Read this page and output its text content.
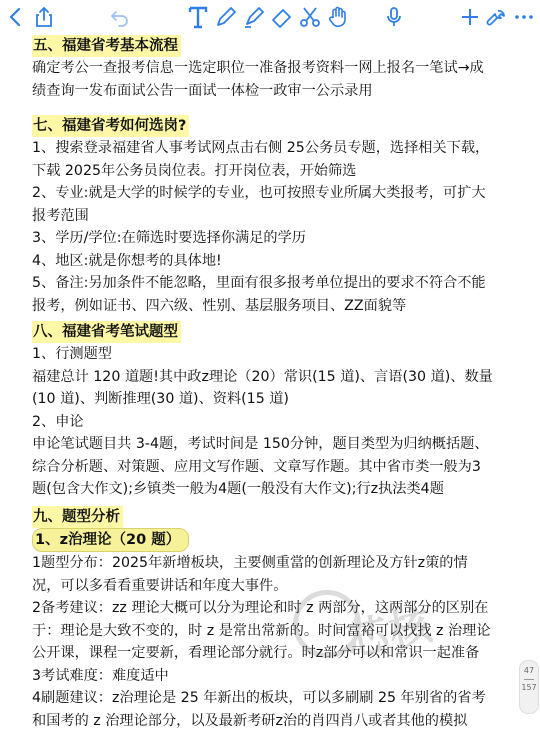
五、福建省考基本流程
确定考公一查报考信息一选定职位一准备报考资料一网上报名一笔试→成
绩查询一发布面试公告一面试一体检一政审一公示录用
七、福建省考如何选岗?
1、搜索登录福建省人事考试网点击右侧 25公务员专题，选择相关下载，
下载 2025年公务员岗位表。打开岗位表，开始筛选
2、专业:就是大学的时候学的专业，也可按照专业所属大类报考，可扩大
报考范围
3、学历/学位:在筛选时要选择你满足的学历
4、地区:就是你想考的具体地!
5、备注:另加条件不能忽略，里面有很多报考单位提出的要求不符合不能
报考，例如证书、四六级、性别、基层服务项目、ZZ面貌等
八、福建省考笔试题型
1、行测题型
福建总计 120 道题!其中政z理论（20）常识(15 道)、言语(30 道)、数量
(10 道)、判断推理(30 道)、资料(15 道)
2、申论
申论笔试题目共 3-4题，考试时间是 150分钟，题目类型为归纳概括题、
综合分析题、对策题、应用文写作题、文章写作题。其中省市类一般为3
题(包含大作文);乡镇类一般为4题(一般没有大作文);行z执法类4题
九、题型分析
1、z治理论（20 题）
1题型分布：2025年新增板块，主要侧重當的创新理论及方针z策的情
况，可以多看看重要讲话和年度大事件。
2备考建议：zz 理论大概可以分为理论和时 z 两部分，这两部分的区别在
于：理论是大致不变的，时 z 是常出常新的。时间富裕可以找找 z 治理论
公开课，课程一定要新，看理论部分就行。时z部分可以和常识一起准备
3考试难度：难度适中
4刷题建议：z治理论是 25 年新出的板块，可以多刷刷 25 年别省的省考
和国考的 z 治理论部分，以及最新考研z治的肖四肖八或者其他的模拟
芯核
47
157
